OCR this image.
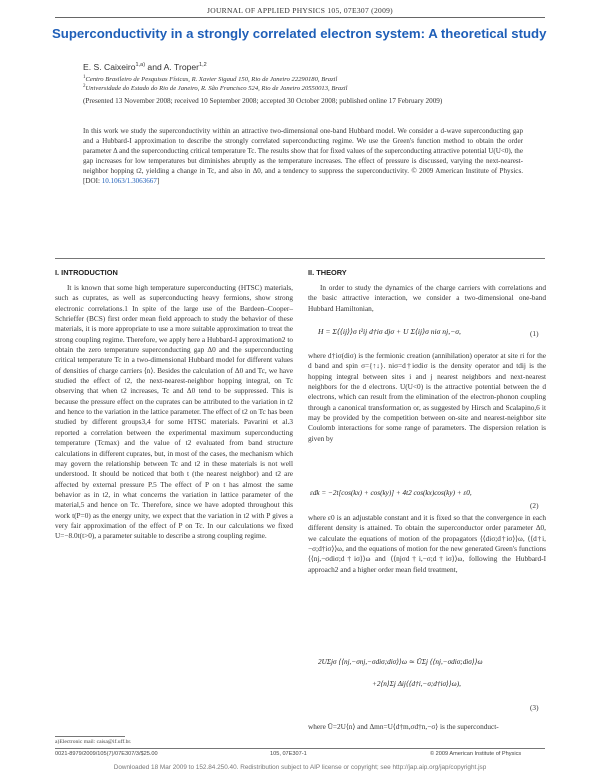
JOURNAL OF APPLIED PHYSICS 105, 07E307 (2009)
Superconductivity in a strongly correlated electron system: A theoretical study
E. S. Caixeiro$^{1,a)}$ and A. Troper$^{1,2}$
$^1$Centro Brasileiro de Pesquisas Físicas, R. Xavier Sigaud 150, Rio de Janeiro 22290180, Brazil
$^2$Universidade do Estado do Rio de Janeiro, R. São Francisco 524, Rio de Janeiro 20550013, Brazil
(Presented 13 November 2008; received 10 September 2008; accepted 30 October 2008; published online 17 February 2009)
In this work we study the superconductivity within an attractive two-dimensional one-band Hubbard model. We consider a d-wave superconducting gap and a Hubbard-I approximation to describe the strongly correlated superconducting regime. We use the Green's function method to obtain the order parameter Δ and the superconducting critical temperature Tc. The results show that for fixed values of the superconducting attractive potential U(U<0), the gap increases for low temperatures but diminishes abruptly as the temperature increases. The effect of pressure is discussed, varying the next-nearest-neighbor hopping t2, yielding a change in Tc, and also in Δ0, and a tendency to suppress the superconductivity. © 2009 American Institute of Physics. [DOI: 10.1063/1.3063667]
I. INTRODUCTION	II. THEORY

It is known that some high temperature superconducting (HTSC) materials, such as cuprates, as well as superconducting heavy fermions, show strong electronic correlations.1 In spite of the large use of the Bardeen–Cooper–Schrieffer (BCS) first order mean field approach to study the behavior of these materials, it is more appropriate to use a more suitable approximation to treat the strong coupling regime. Therefore, we apply here a Hubbard-I approximation2 to obtain the zero temperature superconducting gap Δ0 and the superconducting critical temperature Tc in a two-dimensional Hubbard model for different values of densities of charge carriers ⟨n⟩. Besides the calculation of Δ0 and Tc, we have studied the effect of t2, the next-nearest-neighbor hopping integral, on Tc observing that when t2 increases, Tc and Δ0 tend to be suppressed. This is because the pressure effect on the cuprates can be attributed to the variation in t2 and hence to the variation in the lattice parameter. The effect of t2 on Tc has been studied by different groups3,4 for some HTSC materials. Pavarini et al.3 reported a correlation between the experimental maximum superconducting temperature (Tcmax) and the value of t2 evaluated from band structure calculations in different cuprates, but, in most of the cases, the mechanism which may govern the relationship between Tc and t2 in these materials is not well understood. It should be noticed that both t (the nearest neighbor) and t2 are affected by external pressure P.5 The effect of P on t has almost the same behavior as in t2, in what concerns the variation in lattice parameter of the material,5 and hence on Tc. Therefore, since we have adopted throughout this work t(P=0) as the energy unity, we expect that the variation in t2 with P gives a very fair approximation of the effect of P on Tc. In our calculations we fixed U=−8.0t(t>0), a parameter suitable to describe a strong coupling regime.

In order to study the dynamics of the charge carriers with correlations and the basic attractive interaction, we consider a two-dimensional one-band Hubbard Hamiltonian,

H = Σ⟨⟨ij⟩⟩σ t²ij d†iσ djσ + U Σ⟨ij⟩σ niσ nj,−σ,	(1)

where d†iσ(diσ) is the fermionic creation (annihilation) operator at site ri for the d band and spin σ={↑↓}. niσ=d†iσdiσ is the density operator and tdij is the hopping integral between sites i and j nearest neighbors and next-nearest neighbors for the d electrons. U(U<0) is the attractive potential between the d electrons, which can result from the elimination of the electron-phonon coupling through a canonical transformation or, as suggested by Hirsch and Scalapino,6 it may be provided by the competition between on-site and nearest-neighbor site Coulomb interactions for some range of parameters. The dispersion relation is given by

εdk = −2t[cos(kx) + cos(ky)] + 4t2 cos(kx)cos(ky) + ε0,
(2)

where ε0 is an adjustable constant and it is fixed so that the convergence in each different density is attained. To obtain the superconductor order parameter Δ0, we calculate the equations of motion of the propagators ⟨⟨diσ;d†iσ⟩⟩ω, ⟨⟨d†i,−σ;d†iσ⟩⟩ω, and the equations of motion for the new generated Green's functions ⟨⟨nj,−σdiσ;d†iσ⟩⟩ω and ⟨⟨njσd†i,−σ;d†iσ⟩⟩ω, following the Hubbard-I approach2 and a higher order mean field treatment,

2UΣjσ ⟨⟨nj,−σnj,−σdiσ;diσ⟩⟩ω ≃ ŪΣj ⟨⟨nj,−σdiσ;diσ⟩⟩ω
+2⟨n⟩Σj Δij⟨⟨d†i,−σ;d†iσ⟩⟩ω),
(3)

where Ū=2U⟨n⟩ and Δmn=U⟨d†m,σd†n,−σ⟩ is the superconduct-

a)Electronic mail: caisa@if.uff.br.
0021-8979/2009/105(7)/07E307/3/$25.00	105, 07E307-1	© 2009 American Institute of Physics
Downloaded 18 Mar 2009 to 152.84.250.40. Redistribution subject to AIP license or copyright; see http://jap.aip.org/jap/copyright.jsp
